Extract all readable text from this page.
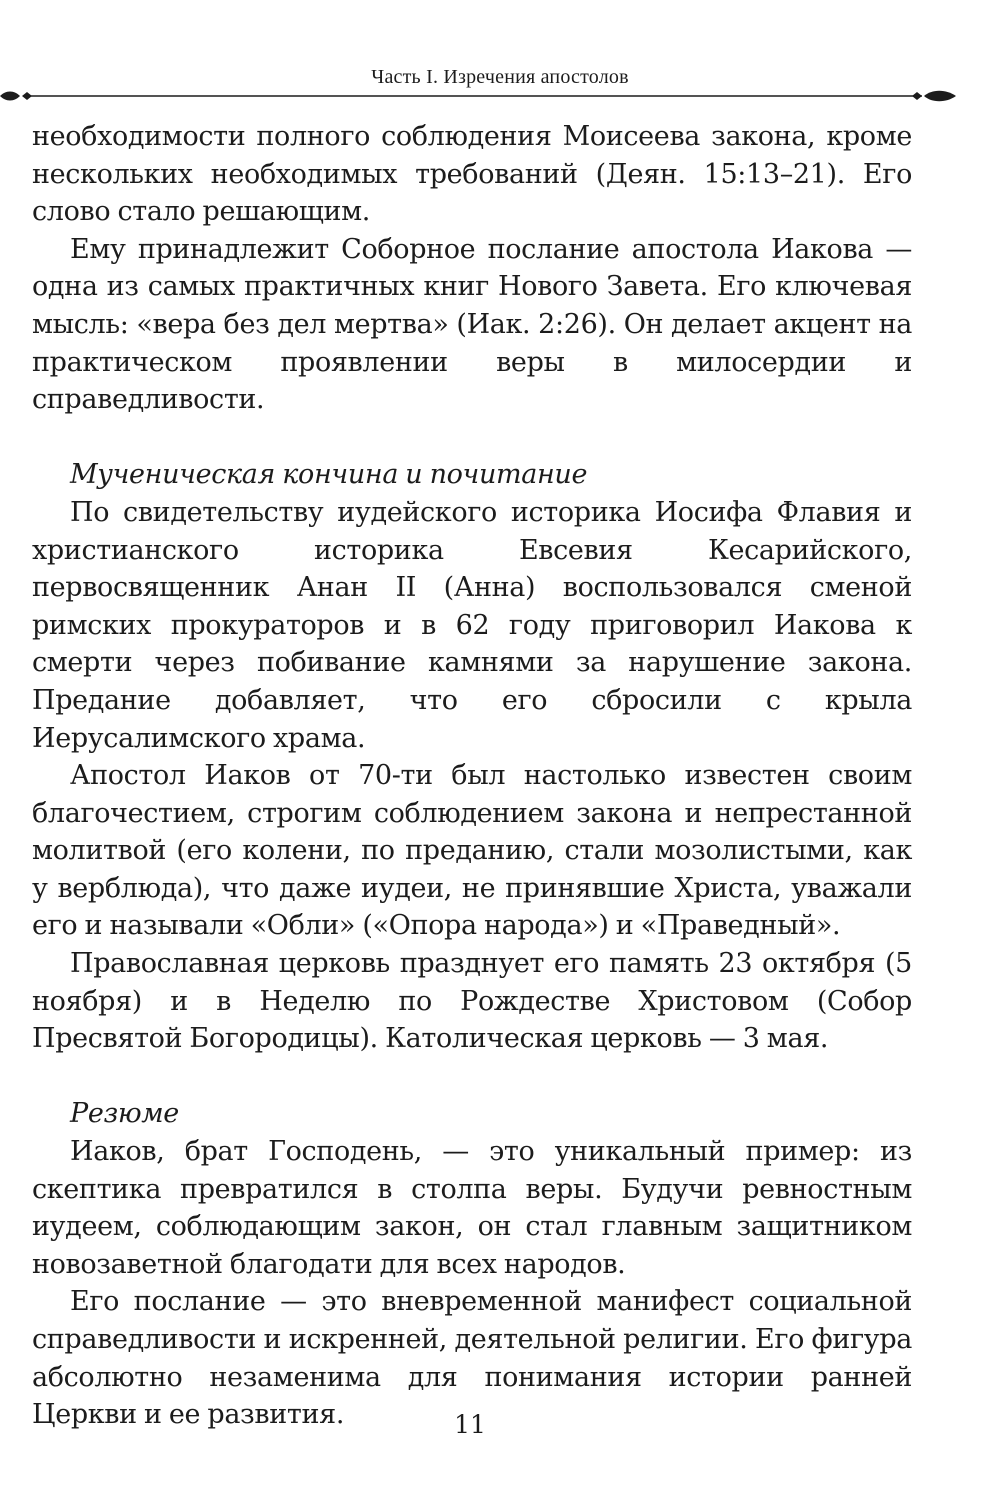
Часть I. Изречения апостолов

необходимости полного соблюдения Моисеева закона, кроме нескольких необходимых требований (Деян. 15:13–21). Его слово стало решающим.

Ему принадлежит Соборное послание апостола Иакова — одна из самых практичных книг Нового Завета. Его ключевая мысль: «вера без дел мертва» (Иак. 2:26). Он делает акцент на практическом проявлении веры в милосердии и справедливости.

Мученическая кончина и почитание

По свидетельству иудейского историка Иосифа Флавия и христианского историка Евсевия Кесарийского, первосвященник Анан II (Анна) воспользовался сменой римских прокураторов и в 62 году приговорил Иакова к смерти через побивание камнями за нарушение закона. Предание добавляет, что его сбросили с крыла Иерусалимского храма.

Апостол Иаков от 70-ти был настолько известен своим благочестием, строгим соблюдением закона и непрестанной молитвой (его колени, по преданию, стали мозолистыми, как у верблюда), что даже иудеи, не принявшие Христа, уважали его и называли «Обли» («Опора народа») и «Праведный».

Православная церковь празднует его память 23 октября (5 ноября) и в Неделю по Рождестве Христовом (Собор Пресвятой Богородицы). Католическая церковь — 3 мая.

Резюме

Иаков, брат Господень, — это уникальный пример: из скептика превратился в столпа веры. Будучи ревностным иудеем, соблюдающим закон, он стал главным защитником новозаветной благодати для всех народов.

Его послание — это вневременной манифест социальной справедливости и искренней, деятельной религии. Его фигура абсолютно незаменима для понимания истории ранней Церкви и ее развития.	11
